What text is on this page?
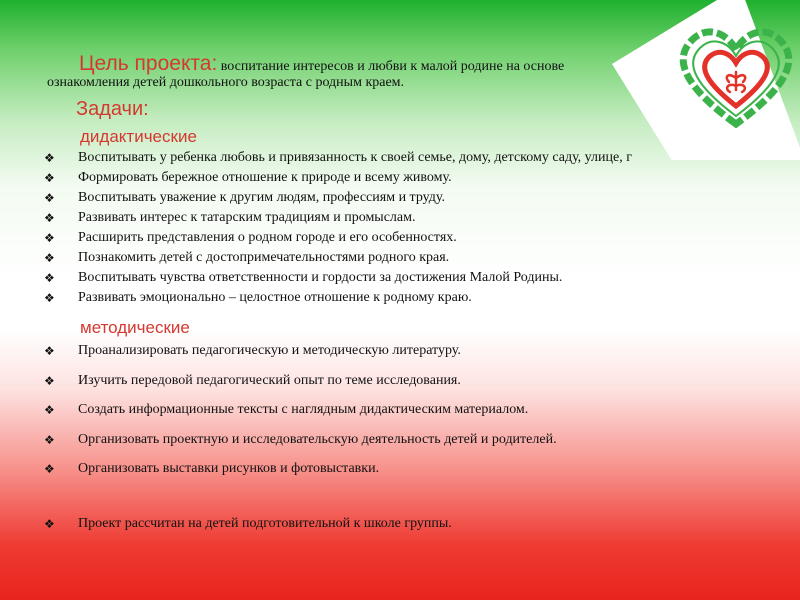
Цель проекта: воспитание интересов и любви к малой родине на основе
ознакомления детей дошкольного возраста с родным краем.
Задачи:
дидактические
❖ Воспитывать у ребенка любовь и привязанность к своей семье, дому, детскому саду, улице, г
❖ Формировать бережное отношение к природе и всему живому.
❖ Воспитывать уважение к другим людям, профессиям и труду.
❖ Развивать интерес к татарским традициям и промыслам.
❖ Расширить представления о родном городе и его особенностях.
❖ Познакомить детей с достопримечательностями родного края.
❖ Воспитывать чувства ответственности и гордости за достижения Малой Родины.
❖ Развивать эмоционально – целостное отношение к родному краю.
методические
❖ Проанализировать педагогическую и методическую литературу.
❖ Изучить передовой педагогический опыт по теме исследования.
❖ Создать информационные тексты с наглядным дидактическим материалом.
❖ Организовать проектную и исследовательскую деятельность детей и родителей.
❖ Организовать выставки рисунков и фотовыставки.
❖ Проект рассчитан на детей подготовительной к школе группы.
